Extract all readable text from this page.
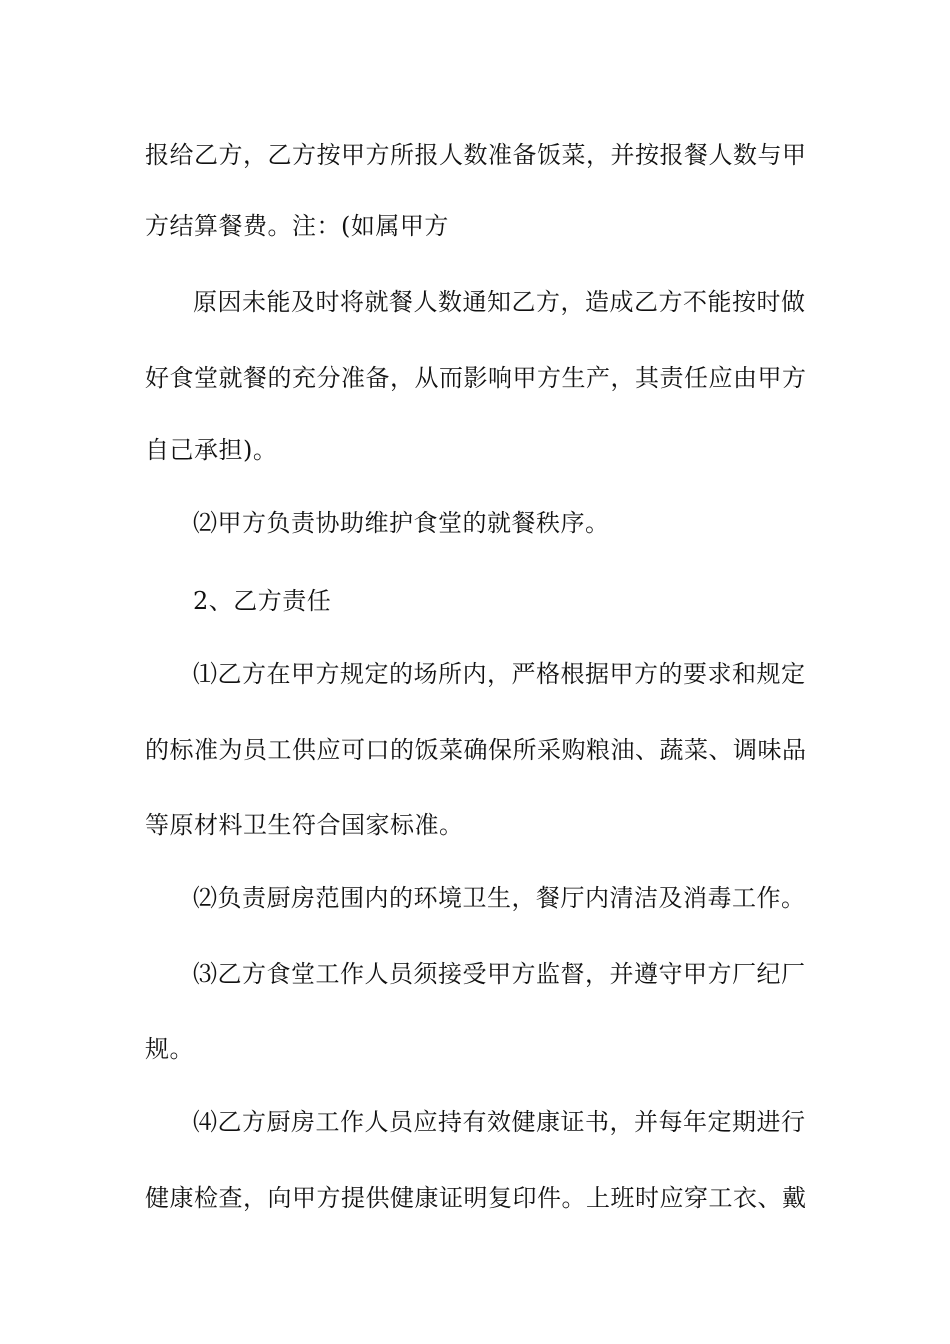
报给乙方，乙方按甲方所报人数准备饭菜，并按报餐人数与甲
方结算餐费。注：(如属甲方
原因未能及时将就餐人数通知乙方，造成乙方不能按时做
好食堂就餐的充分准备，从而影响甲方生产，其责任应由甲方
自己承担)。
⑵甲方负责协助维护食堂的就餐秩序。
2、乙方责任
⑴乙方在甲方规定的场所内，严格根据甲方的要求和规定
的标准为员工供应可口的饭菜确保所采购粮油、蔬菜、调味品
等原材料卫生符合国家标准。
⑵负责厨房范围内的环境卫生，餐厅内清洁及消毒工作。
⑶乙方食堂工作人员须接受甲方监督，并遵守甲方厂纪厂
规。
⑷乙方厨房工作人员应持有效健康证书，并每年定期进行
健康检查，向甲方提供健康证明复印件。上班时应穿工衣、戴
